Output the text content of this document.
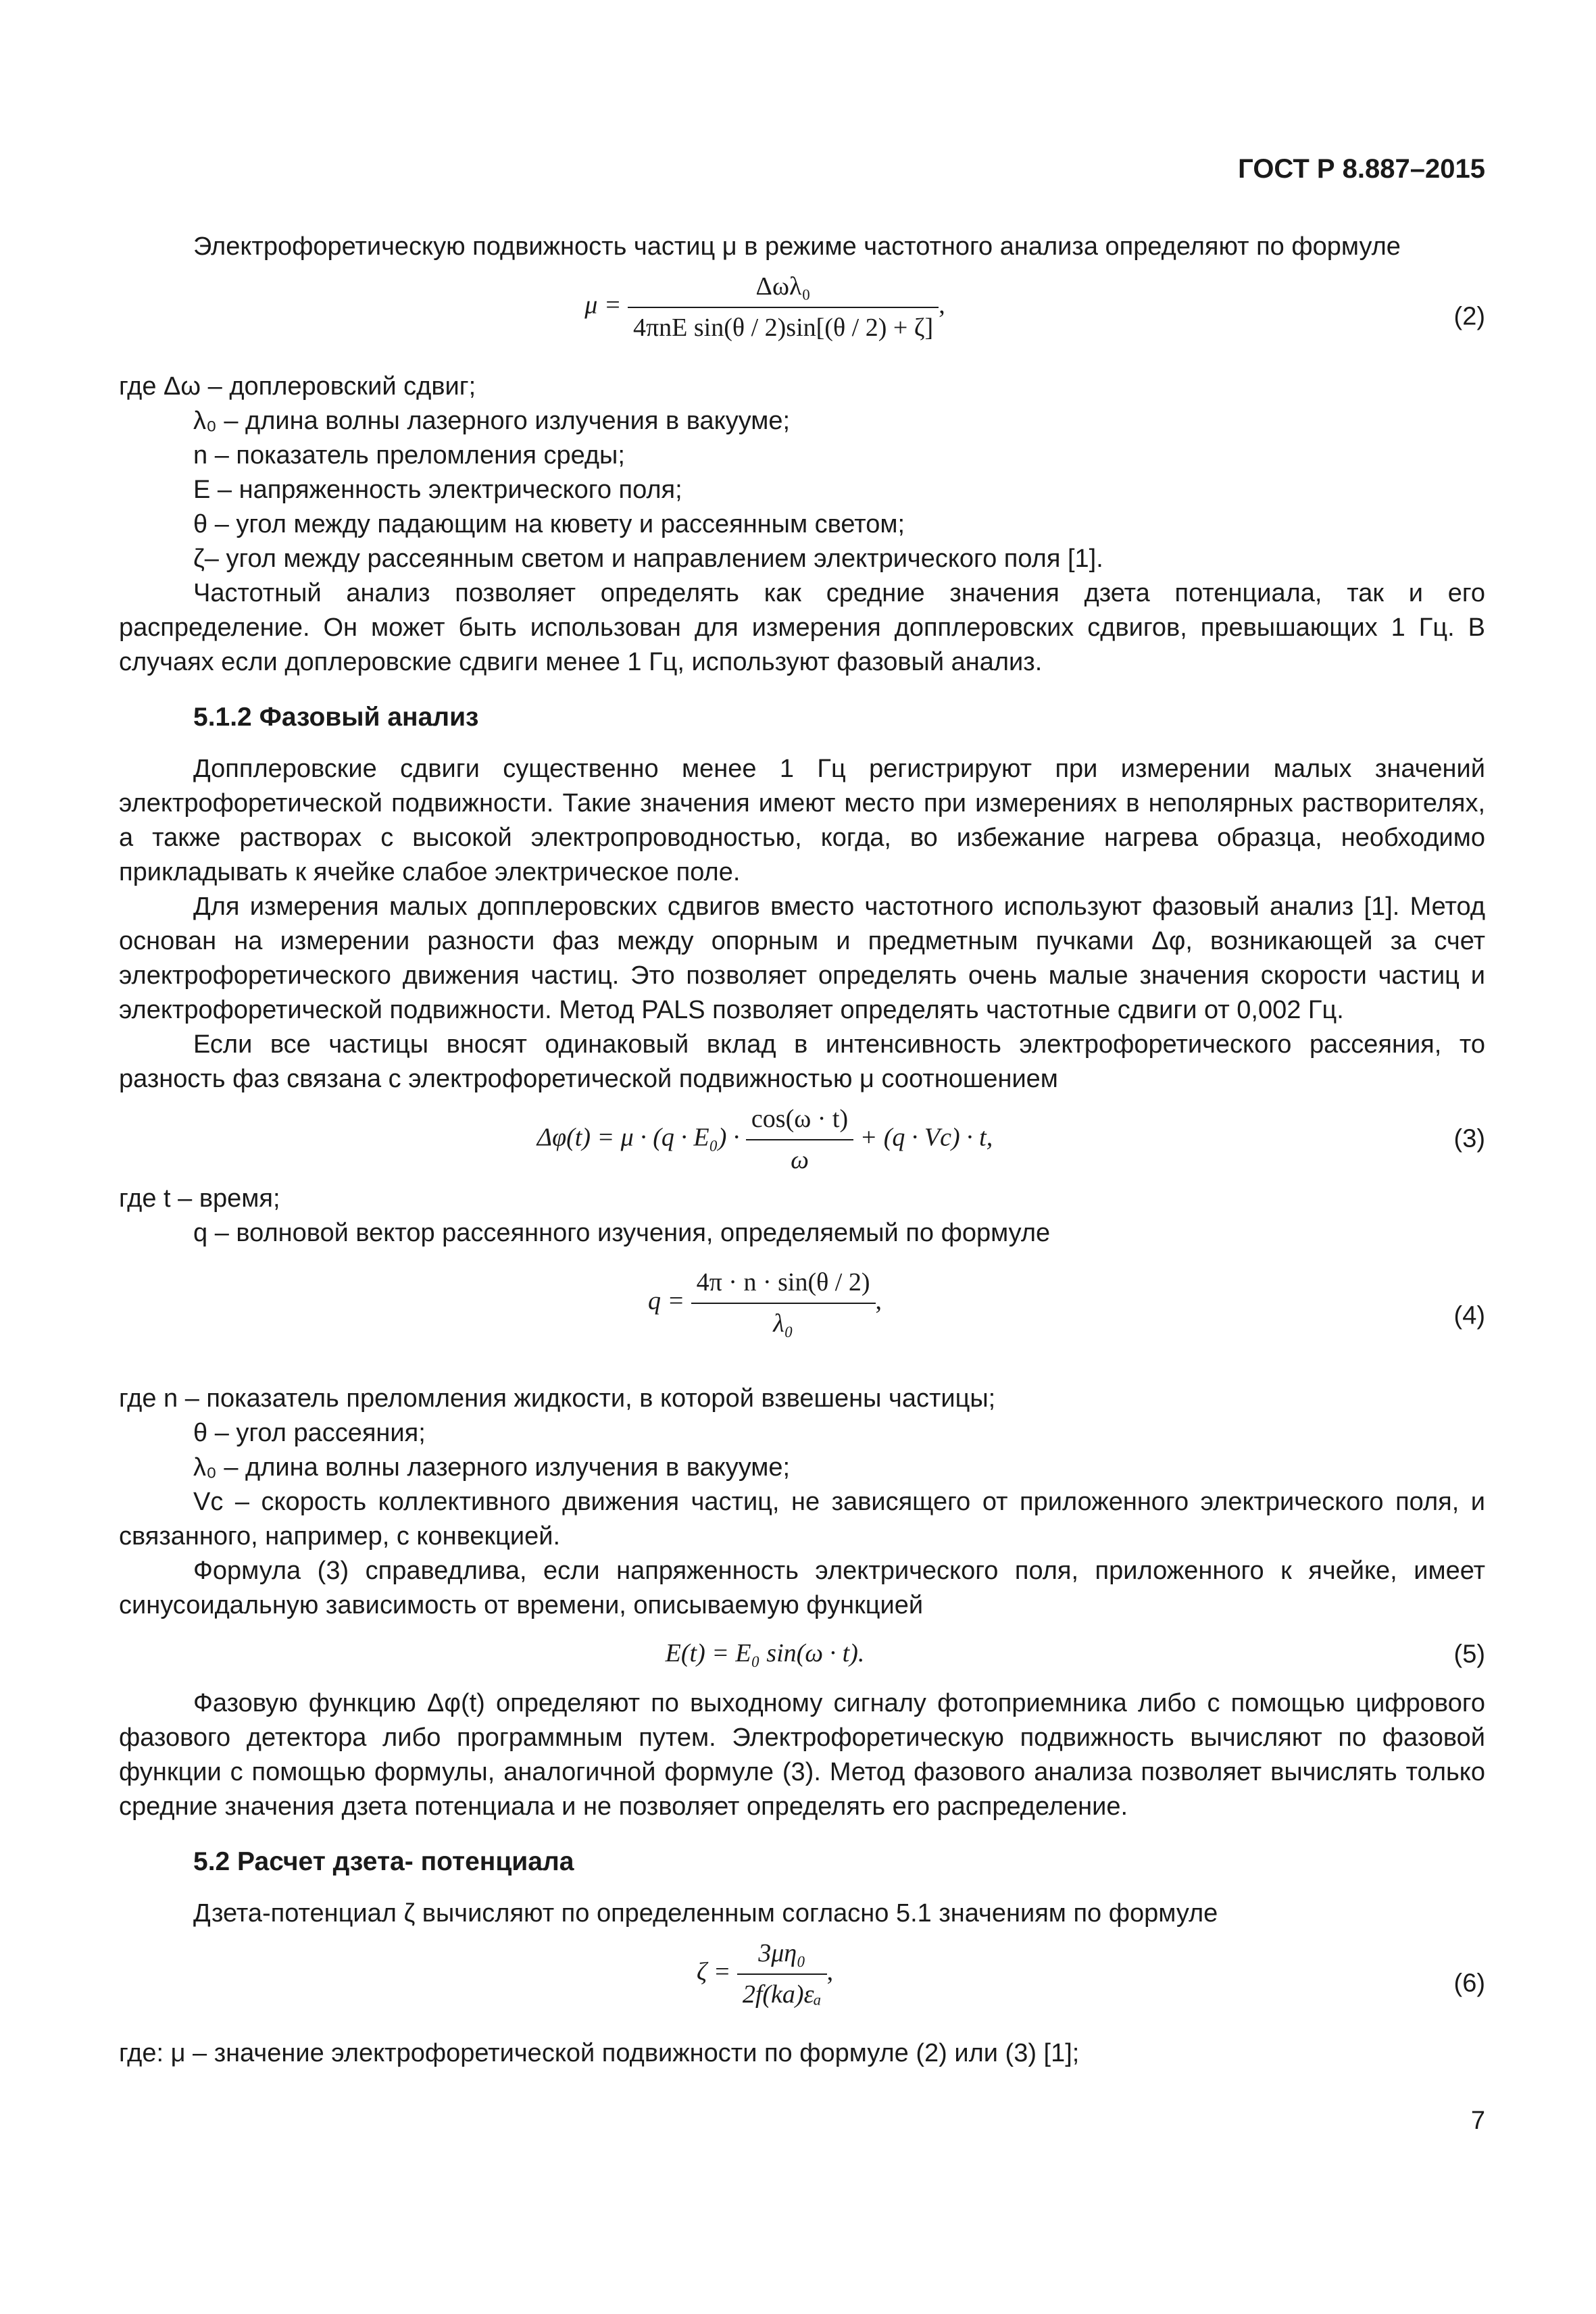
ГОСТ Р 8.887–2015

Электрофоретическую подвижность частиц μ в режиме частотного анализа определяют по формуле

$\mu = \frac{\text{Δωλ₀}}{\text{4πnE sin(θ / 2)sin[(θ / 2) + ζ]}}$ ,	(2)

где Δω – доплеровский сдвиг;

λ₀ – длина волны лазерного излучения в вакууме;

n – показатель преломления среды;

E – напряженность электрического поля;

θ – угол между падающим на кювету и рассеянным светом;

ζ– угол между рассеянным светом и направлением электрического поля [1].

Частотный анализ позволяет определять как средние значения дзета потенциала, так и его распределение. Он может быть использован для измерения допплеровских сдвигов, превышающих 1 Гц. В случаях если доплеровские сдвиги менее 1 Гц, используют фазовый анализ.

5.1.2 Фазовый анализ

Допплеровские сдвиги существенно менее 1 Гц регистрируют при измерении малых значений электрофоретической подвижности. Такие значения имеют место при измерениях в неполярных растворителях, а также растворах с высокой электропроводностью, когда, во избежание нагрева образца, необходимо прикладывать к ячейке слабое электрическое поле.

Для измерения малых допплеровских сдвигов вместо частотного используют фазовый анализ [1]. Метод основан на измерении разности фаз между опорным и предметным пучками Δφ, возникающей за счет электрофоретического движения частиц. Это позволяет определять очень малые значения скорости частиц и электрофоретической подвижности. Метод PALS позволяет определять частотные сдвиги от 0,002 Гц.

Если все частицы вносят одинаковый вклад в интенсивность электрофоретического рассеяния, то разность фаз связана с электрофоретической подвижностью μ соотношением

$\Delta\varphi(t) = \mu \cdot (q \cdot E_0) \cdot \frac{\cos(\omega \cdot t)}{\omega} + (q \cdot Vc) \cdot t$,	(3)

где t – время;

q – волновой вектор рассеянного изучения, определяемый по формуле

$q = \frac{4\pi \cdot n \cdot \sin(\theta / 2)}{\text{λ₀}}$ ,
(4)

где n – показатель преломления жидкости, в которой взвешены частицы;

θ – угол рассеяния;

λ₀ – длина волны лазерного излучения в вакууме;

Vc – скорость коллективного движения частиц, не зависящего от приложенного электрического поля, и связанного, например, с конвекцией.

Формула (3) справедлива, если напряженность электрического поля, приложенного к ячейке, имеет синусоидальную зависимость от времени, описываемую функцией

E(t) = E₀ sin(ω · t).	(5)

Фазовую функцию Δφ(t) определяют по выходному сигналу фотоприемника либо с помощью цифрового фазового детектора либо программным путем. Электрофоретическую подвижность вычисляют по фазовой функции с помощью формулы, аналогичной формуле (3). Метод фазового анализа позволяет вычислять только средние значения дзета потенциала и не позволяет определять его распределение.

5.2 Расчет дзета- потенциала

Дзета-потенциал ζ вычисляют по определенным согласно 5.1 значениям по формуле

$\zeta = \frac{\text{3μη₀}}{\text{2f(ka)εₐ}}$ ,	(6)

где: μ – значение электрофоретической подвижности по формуле (2) или (3) [1];

7
